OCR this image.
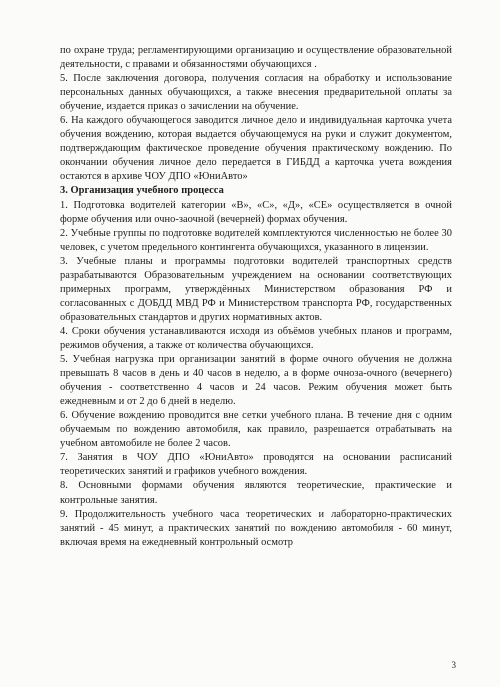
по охране труда; регламентирующими организацию и осуществление образовательной деятельности, с правами и обязанностями обучающихся .

5. После заключения договора, получения согласия на обработку и использование персональных данных обучающихся, а также внесения предварительной оплаты за обучение, издается приказ о зачислении на обучение.

6. На каждого обучающегося заводится личное дело и индивидуальная карточка учета обучения вождению, которая выдается обучающемуся на руки и служит документом, подтверждающим фактическое проведение обучения практическому вождению. По окончании обучения личное дело передается в ГИБДД а карточка учета вождения остаются в архиве ЧОУ ДПО «ЮниАвто»

3. Организация учебного процесса

1. Подготовка водителей категории «В», «С», «Д», «СЕ» осуществляется в очной форме обучения или очно-заочной (вечерней) формах обучения.

2. Учебные группы по подготовке водителей комплектуются численностью не более 30 человек, с учетом предельного контингента обучающихся, указанного в лицензии.

3. Учебные планы и программы подготовки водителей транспортных средств разрабатываются Образовательным учреждением на основании соответствующих примерных программ, утверждённых Министерством образования РФ и согласованных с ДОБДД МВД РФ и Министерством транспорта РФ, государственных образовательных стандартов и других нормативных актов.

4. Сроки обучения устанавливаются исходя из объёмов учебных планов и программ, режимов обучения, а также от количества обучающихся.

5. Учебная нагрузка при организации занятий в форме очного обучения не должна превышать 8 часов в день и 40 часов в неделю, а в форме очноза-очного (вечернего) обучения - соответственно 4 часов и 24 часов. Режим обучения может быть ежедневным и от 2 до 6 дней в неделю.

6. Обучение вождению проводится вне сетки учебного плана. В течение дня с одним обучаемым по вождению автомобиля, как правило, разрешается отрабатывать на учебном автомобиле не более 2 часов.

7. Занятия в ЧОУ ДПО «ЮниАвто» проводятся на основании расписаний теоретических занятий и графиков учебного вождения.

8. Основными формами обучения являются теоретические, практические и контрольные занятия.

9. Продолжительность учебного часа теоретических и лабораторно-практических занятий - 45 минут, а практических занятий по вождению автомобиля - 60 минут, включая время на ежедневный контрольный осмотр

3
